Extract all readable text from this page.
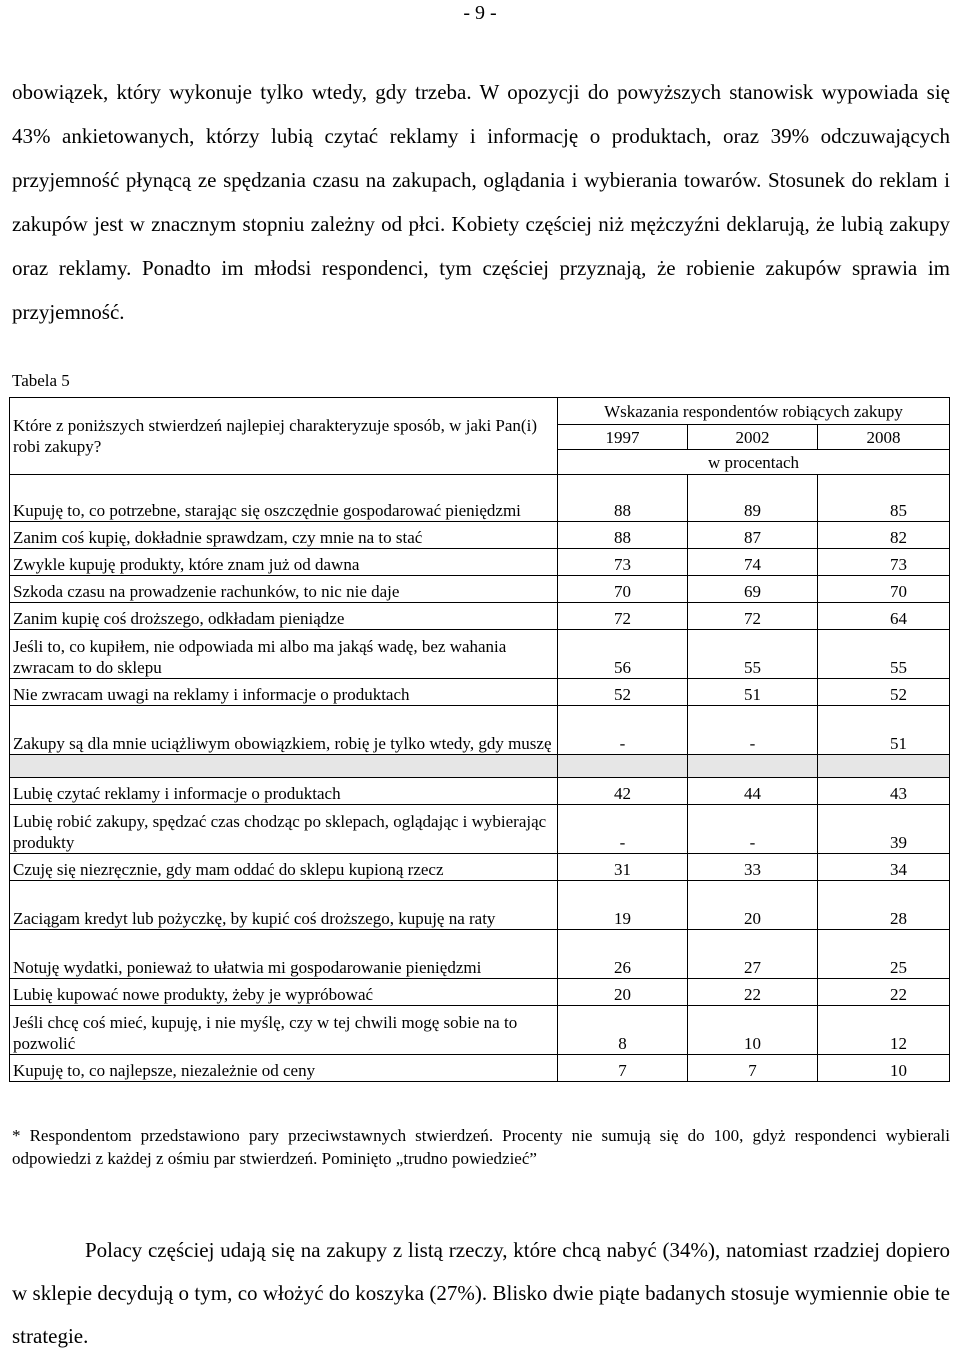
- 9 -

obowiązek, który wykonuje tylko wtedy, gdy trzeba. W opozycji do powyższych stanowisk wypowiada się 43% ankietowanych, którzy lubią czytać reklamy i informację o produktach, oraz 39% odczuwających przyjemność płynącą ze spędzania czasu na zakupach, oglądania i wybierania towarów. Stosunek do reklam i zakupów jest w znacznym stopniu zależny od płci. Kobiety częściej niż mężczyźni deklarują, że lubią zakupy oraz reklamy. Ponadto im młodsi respondenci, tym częściej przyznają, że robienie zakupów sprawia im przyjemność.

Tabela 5
Które z poniższych stwierdzeń najlepiej charakteryzuje sposób, w jaki Pan(i) robi zakupy?	Wskazania respondentów robiących zakupy		
	1997	2002	2008
	w procentach		
Kupuję to, co potrzebne, starając się oszczędnie gospodarować pieniędzmi	88	89	85
Zanim coś kupię, dokładnie sprawdzam, czy mnie na to stać	88	87	82
Zwykle kupuję produkty, które znam już od dawna	73	74	73
Szkoda czasu na prowadzenie rachunków, to nic nie daje	70	69	70
Zanim kupię coś droższego, odkładam pieniądze	72	72	64
Jeśli to, co kupiłem, nie odpowiada mi albo ma jakąś wadę, bez wahania zwracam to do sklepu	56	55	55
Nie zwracam uwagi na reklamy i informacje o produktach	52	51	52
Zakupy są dla mnie uciążliwym obowiązkiem, robię je tylko wtedy, gdy muszę	-	-	51

Lubię czytać reklamy i informacje o produktach	42	44	43
Lubię robić zakupy, spędzać czas chodząc po sklepach, oglądając i wybierając produkty	-	-	39
Czuję się niezręcznie, gdy mam oddać do sklepu kupioną rzecz	31	33	34
Zaciągam kredyt lub pożyczkę, by kupić coś droższego, kupuję na raty	19	20	28
Notuję wydatki, ponieważ to ułatwia mi gospodarowanie pieniędzmi	26	27	25
Lubię kupować nowe produkty, żeby je wypróbować	20	22	22
Jeśli chcę coś mieć, kupuję, i nie myślę, czy w tej chwili mogę sobie na to pozwolić	8	10	12
Kupuję to, co najlepsze, niezależnie od ceny	7	7	10

* Respondentom przedstawiono pary przeciwstawnych stwierdzeń. Procenty nie sumują się do 100, gdyż respondenci wybierali odpowiedzi z każdej z ośmiu par stwierdzeń. Pominięto „trudno powiedzieć”

Polacy częściej udają się na zakupy z listą rzeczy, które chcą nabyć (34%), natomiast rzadziej dopiero w sklepie decydują o tym, co włożyć do koszyka (27%). Blisko dwie piąte badanych stosuje wymiennie obie te strategie.
